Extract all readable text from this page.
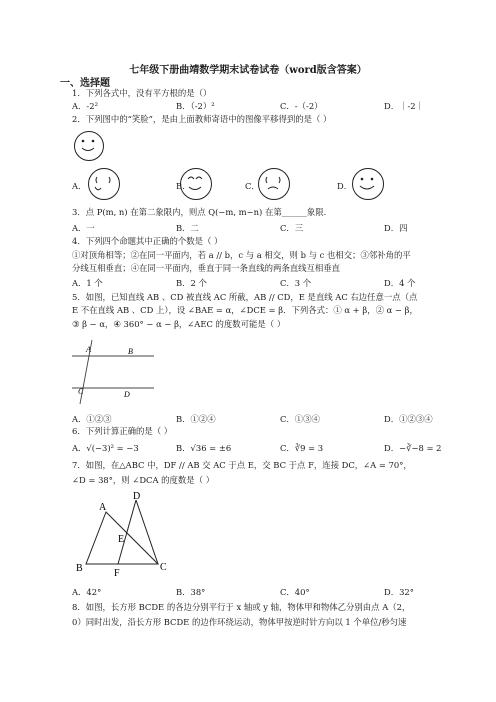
七年级下册曲靖数学期末试卷试卷（word版含答案）
一、选择题
1．下列各式中，没有平方根的是（）
A．-2²	B．（-2）²	C．-（-2）	D．｜-2｜
2．下列图中的“笑脸”，是由上面教师寄语中的图像平移得到的是（ ）
A．	B．	C．	D．
3．点 P(m, n) 在第二象限内，则点 Q(−m, m−n) 在第______象限.
A．一	B．二	C．三	D．四
4．下列四个命题其中正确的个数是（ ）
①对顶角相等；②在同一平面内，若 a // b，c 与 a 相交，则 b 与 c 也相交；③邻补角的平
分线互相垂直；④在同一平面内，垂直于同一条直线的两条直线互相垂直
A．1 个	B．2 个	C．3 个	D．4 个
5．如图，已知直线 AB 、CD 被直线 AC 所截，AB // CD，E 是直线 AC 右边任意一点（点
E 不在直线 AB 、CD 上），设 ∠BAE = α，∠DCE = β．下列各式：① α + β，② α − β，
③ β − α，④ 360° − α − β，∠AEC 的度数可能是（ ）
A	B
C	D
A．①②③	B．①②④	C．①③④	D．①②③④
6．下列计算正确的是（ ）
A．√(−3)² = −3	B．√36 = ±6	C．∛9 = 3	D．−∛−8 = 2
7．如图，在△ABC 中，DF // AB 交 AC 于点 E，交 BC 于点 F，连接 DC，∠A = 70°，
∠D = 38°，则 ∠DCA 的度数是（ ）
A
D
E
B	F
C
A．42°	B．38°	C．40°	D．32°
8．如图，长方形 BCDE 的各边分别平行于 x 轴或 y 轴，物体甲和物体乙分别由点 A（2，
0）同时出发，沿长方形 BCDE 的边作环绕运动，物体甲按逆时针方向以 1 个单位/秒匀速
